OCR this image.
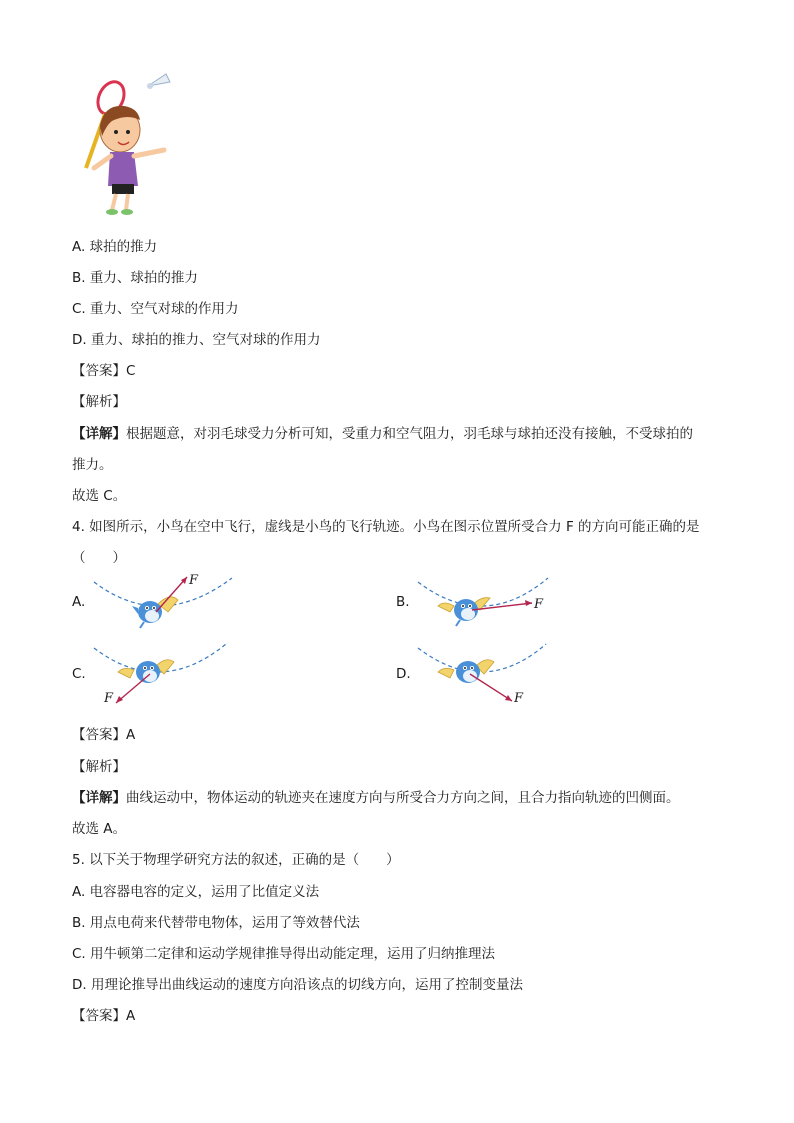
A. 球拍的推力
B. 重力、球拍的推力
C. 重力、空气对球的作用力
D. 重力、球拍的推力、空气对球的作用力
【答案】C
【解析】
【详解】根据题意，对羽毛球受力分析可知，受重力和空气阻力，羽毛球与球拍还没有接触，不受球拍的
推力。
故选 C。
4. 如图所示，小鸟在空中飞行，虚线是小鸟的飞行轨迹。小鸟在图示位置所受合力 F 的方向可能正确的是
（　　）
A.	B.
C.	D.
F
F
F	F
【答案】A
【解析】
【详解】曲线运动中，物体运动的轨迹夹在速度方向与所受合力方向之间，且合力指向轨迹的凹侧面。
故选 A。
5. 以下关于物理学研究方法的叙述，正确的是（　　）
A. 电容器电容的定义，运用了比值定义法
B. 用点电荷来代替带电物体，运用了等效替代法
C. 用牛顿第二定律和运动学规律推导得出动能定理，运用了归纳推理法
D. 用理论推导出曲线运动的速度方向沿该点的切线方向，运用了控制变量法
【答案】A
